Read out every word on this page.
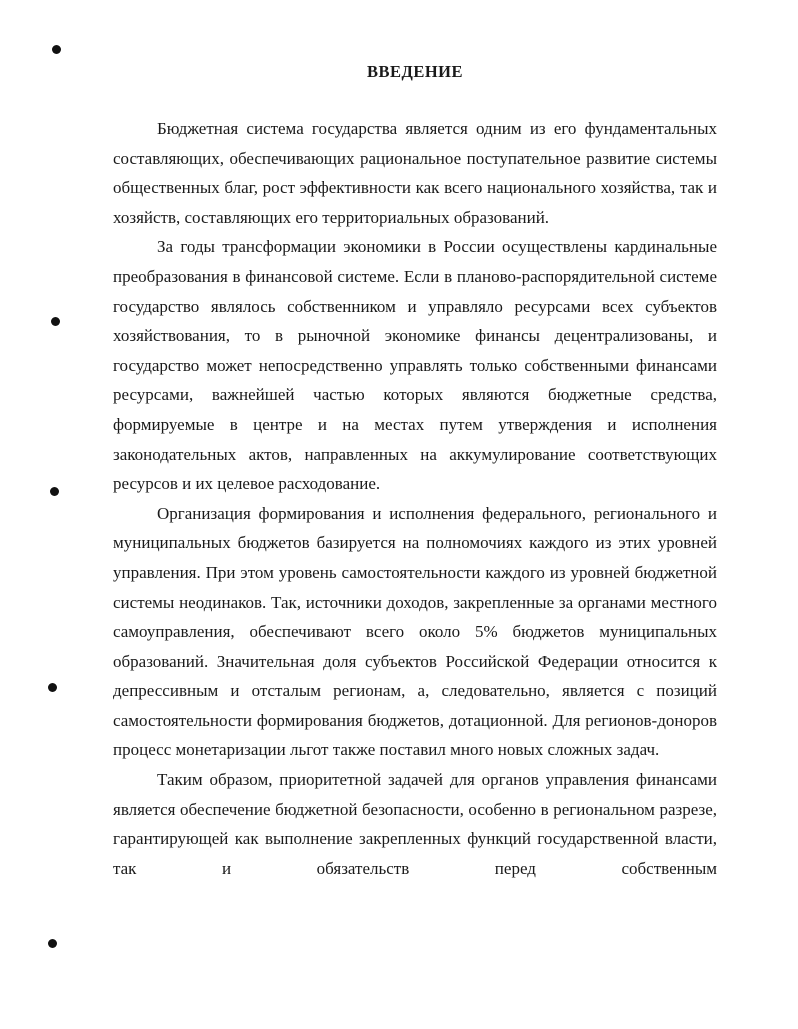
ВВЕДЕНИЕ

Бюджетная система государства является одним из его фундаментальных составляющих, обеспечивающих рациональное поступательное развитие системы общественных благ, рост эффективности как всего национального хозяйства, так и хозяйств, составляющих его территориальных образований.

За годы трансформации экономики в России осуществлены кардинальные преобразования в финансовой системе. Если в планово-распорядительной системе государство являлось собственником и управляло ресурсами всех субъектов хозяйствования, то в рыночной экономике финансы децентрализованы, и государство может непосредственно управлять только собственными финансами ресурсами, важнейшей частью которых являются бюджетные средства, формируемые в центре и на местах путем утверждения и исполнения законодательных актов, направленных на аккумулирование соответствующих ресурсов и их целевое расходование.

Организация формирования и исполнения федерального, регионального и муниципальных бюджетов базируется на полномочиях каждого из этих уровней управления. При этом уровень самостоятельности каждого из уровней бюджетной системы неодинаков. Так, источники доходов, закрепленные за органами местного самоуправления, обеспечивают всего около 5% бюджетов муниципальных образований. Значительная доля субъектов Российской Федерации относится к депрессивным и отсталым регионам, а, следовательно, является с позиций самостоятельности формирования бюджетов, дотационной. Для регионов-доноров процесс монетаризации льгот также поставил много новых сложных задач.

Таким образом, приоритетной задачей для органов управления финансами является обеспечение бюджетной безопасности, особенно в региональном разрезе, гарантирующей как выполнение закрепленных функций государственной власти, так и обязательств перед собственным
